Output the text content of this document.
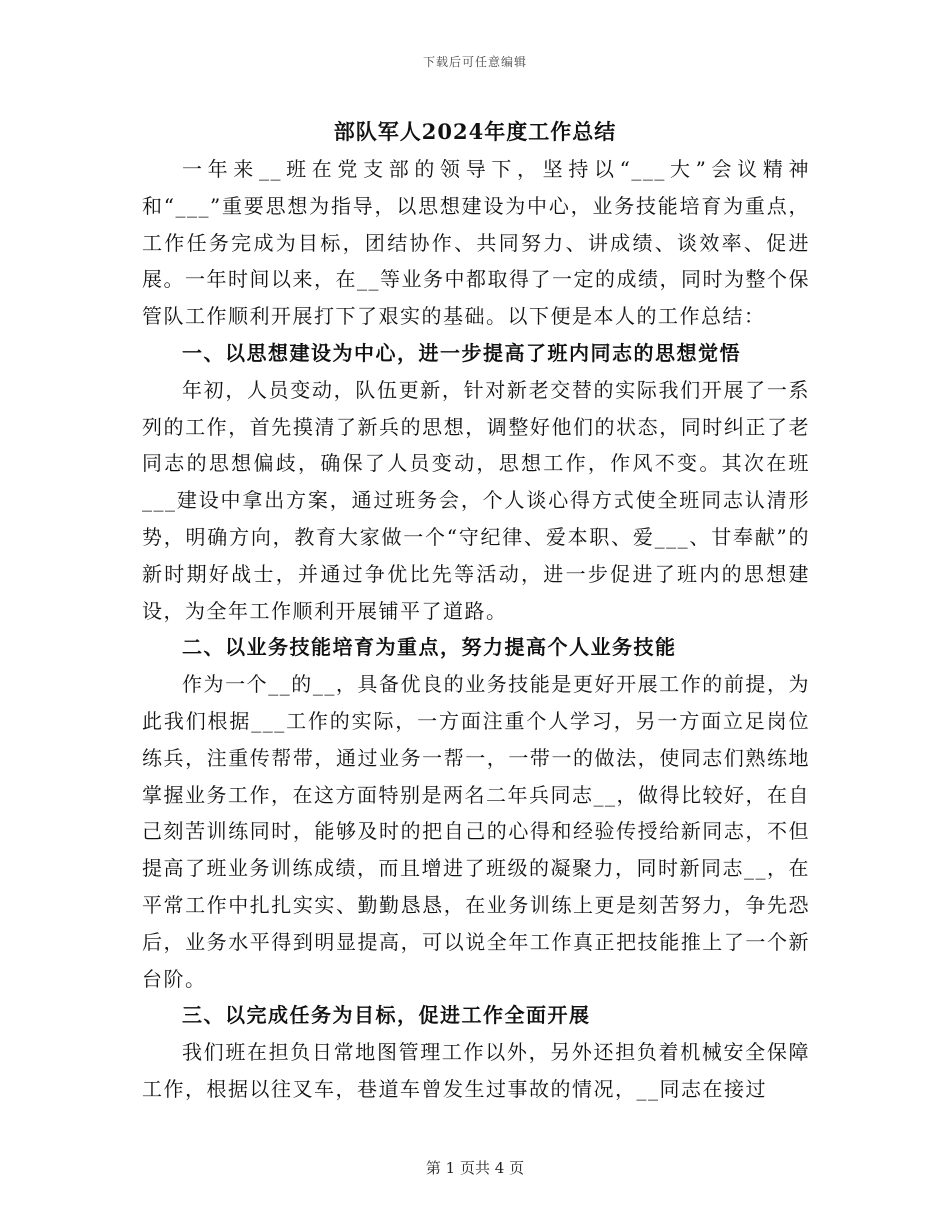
下载后可任意编辑
部队军人2024年度工作总结

一年来__班在党支部的领导下，坚持以“___大”会议精神和“___”重要思想为指导，以思想建设为中心，业务技能培育为重点，工作任务完成为目标，团结协作、共同努力、讲成绩、谈效率、促进展。一年时间以来，在__等业务中都取得了一定的成绩，同时为整个保管队工作顺利开展打下了艰实的基础。以下便是本人的工作总结：

一、以思想建设为中心，进一步提高了班内同志的思想觉悟

年初，人员变动，队伍更新，针对新老交替的实际我们开展了一系列的工作，首先摸清了新兵的思想，调整好他们的状态，同时纠正了老同志的思想偏歧，确保了人员变动，思想工作，作风不变。其次在班___建设中拿出方案，通过班务会，个人谈心得方式使全班同志认清形势，明确方向，教育大家做一个“守纪律、爱本职、爱___、甘奉献”的新时期好战士，并通过争优比先等活动，进一步促进了班内的思想建设，为全年工作顺利开展铺平了道路。

二、以业务技能培育为重点，努力提高个人业务技能

作为一个__的__，具备优良的业务技能是更好开展工作的前提，为此我们根据___工作的实际，一方面注重个人学习，另一方面立足岗位练兵，注重传帮带，通过业务一帮一，一带一的做法，使同志们熟练地掌握业务工作，在这方面特别是两名二年兵同志__，做得比较好，在自己刻苦训练同时，能够及时的把自己的心得和经验传授给新同志，不但提高了班业务训练成绩，而且增进了班级的凝聚力，同时新同志__，在平常工作中扎扎实实、勤勤恳恳，在业务训练上更是刻苦努力，争先恐后，业务水平得到明显提高，可以说全年工作真正把技能推上了一个新台阶。

三、以完成任务为目标，促进工作全面开展

我们班在担负日常地图管理工作以外，另外还担负着机械安全保障工作，根据以往叉车，巷道车曾发生过事故的情况，__同志在接过

第 1 页共 4 页
